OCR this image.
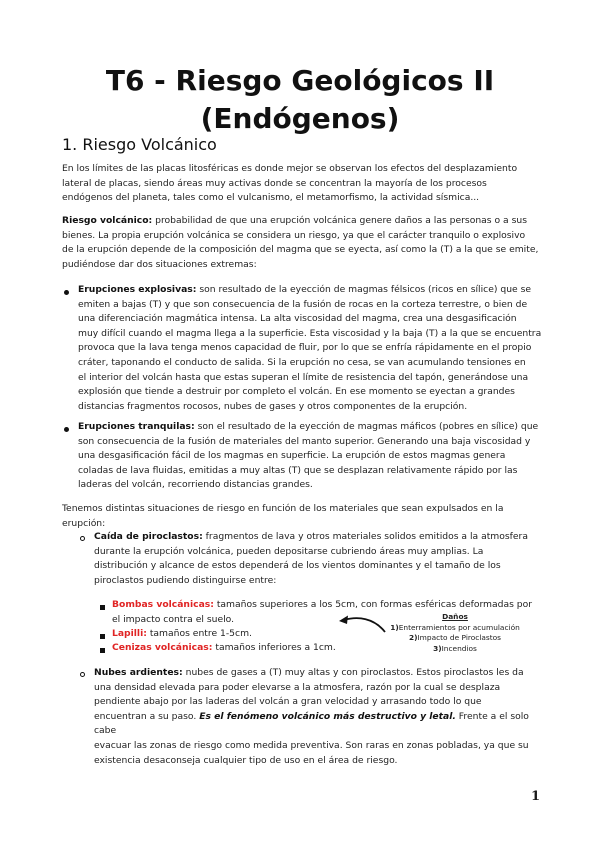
T6 - Riesgo Geológicos II
(Endógenos)
1. Riesgo Volcánico
En los límites de las placas litosféricas es donde mejor se observan los efectos del desplazamiento
lateral de placas, siendo áreas muy activas donde se concentran la mayoría de los procesos
endógenos del planeta, tales como el vulcanismo, el metamorfismo, la actividad sísmica...
Riesgo volcánico: probabilidad de que una erupción volcánica genere daños a las personas o a sus
bienes. La propia erupción volcánica se considera un riesgo, ya que el carácter tranquilo o explosivo
de la erupción depende de la composición del magma que se eyecta, así como la (T) a la que se emite,
pudiéndose dar dos situaciones extremas:
Erupciones explosivas: son resultado de la eyección de magmas félsicos (ricos en sílice) que se
emiten a bajas (T) y que son consecuencia de la fusión de rocas en la corteza terrestre, o bien de
una diferenciación magmática intensa. La alta viscosidad del magma, crea una desgasificación
muy difícil cuando el magma llega a la superficie. Esta viscosidad y la baja (T) a la que se encuentra
provoca que la lava tenga menos capacidad de fluir, por lo que se enfría rápidamente en el propio
cráter, taponando el conducto de salida. Si la erupción no cesa, se van acumulando tensiones en
el interior del volcán hasta que estas superan el límite de resistencia del tapón, generándose una
explosión que tiende a destruir por completo el volcán. En ese momento se eyectan a grandes
distancias fragmentos rocosos, nubes de gases y otros componentes de la erupción.
Erupciones tranquilas: son el resultado de la eyección de magmas máficos (pobres en sílice) que
son consecuencia de la fusión de materiales del manto superior. Generando una baja viscosidad y
una desgasificación fácil de los magmas en superficie. La erupción de estos magmas genera
coladas de lava fluidas, emitidas a muy altas (T) que se desplazan relativamente rápido por las
laderas del volcán, recorriendo distancias grandes.
Tenemos distintas situaciones de riesgo en función de los materiales que sean expulsados en la
erupción:
Caída de piroclastos: fragmentos de lava y otros materiales solidos emitidos a la atmosfera
durante la erupción volcánica, pueden depositarse cubriendo áreas muy amplias. La
distribución y alcance de estos dependerá de los vientos dominantes y el tamaño de los
piroclastos pudiendo distinguirse entre:
Bombas volcánicas: tamaños superiores a los 5cm, con formas esféricas deformadas por
el impacto contra el suelo.
Lapilli: tamaños entre 1-5cm.
Cenizas volcánicas: tamaños inferiores a 1cm.
Daños
1)Enterramientos por acumulación
2)Impacto de Piroclastos
3)Incendios
Nubes ardientes: nubes de gases a (T) muy altas y con piroclastos. Estos piroclastos les da
una densidad elevada para poder elevarse a la atmosfera, razón por la cual se desplaza
pendiente abajo por las laderas del volcán a gran velocidad y arrasando todo lo que
encuentran a su paso. Es el fenómeno volcánico más destructivo y letal. Frente a el solo cabe
evacuar las zonas de riesgo como medida preventiva. Son raras en zonas pobladas, ya que su
existencia desaconseja cualquier tipo de uso en el área de riesgo.
1
